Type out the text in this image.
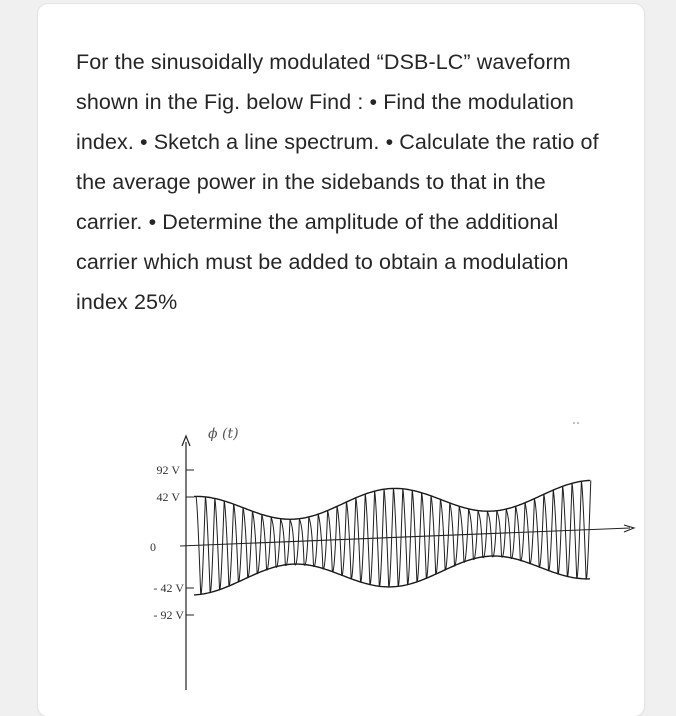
For the sinusoidally modulated “DSB-LC” waveform shown in the Fig. below Find : • Find the modulation index. • Sketch a line spectrum. • Calculate the ratio of the average power in the sidebands to that in the carrier. • Determine the amplitude of the additional carrier which must be added to obtain a modulation index 25%

ϕ (t)
92 V
42 V
0
- 42 V
- 92 V
